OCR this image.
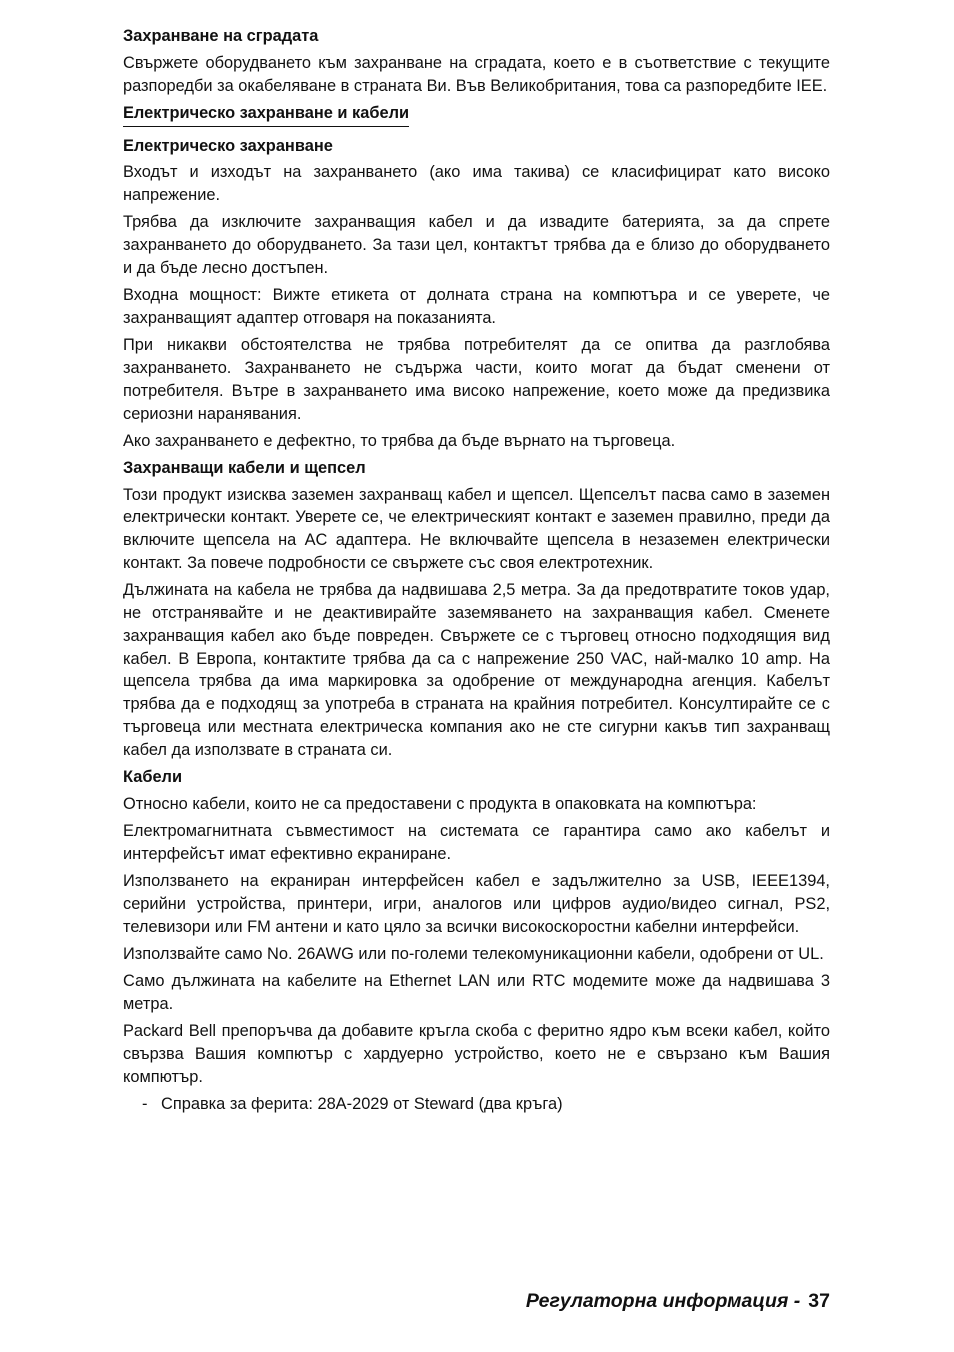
Захранване на сградата

Свържете оборудването към захранване на сградата, което е в съответствие с текущите разпоредби за окабеляване в страната Ви. Във Великобритания, това са разпоредбите IEE.

Електрическо захранване и кабели
Електрическо захранване

Входът и изходът на захранването (ако има такива) се класифицират като високо напрежение.

Трябва да изключите захранващия кабел и да извадите батерията, за да спрете захранването до оборудването. За тази цел, контактът трябва да е близо до оборудването и да бъде лесно достъпен.

Входна мощност: Вижте етикета от долната страна на компютъра и се уверете, че захранващият адаптер отговаря на показанията.

При никакви обстоятелства не трябва потребителят да се опитва да разглобява захранването. Захранването не съдържа части, които могат да бъдат сменени от потребителя. Вътре в захранването има високо напрежение, което може да предизвика сериозни наранявания.

Ако захранването е дефектно, то трябва да бъде върнато на търговеца.

Захранващи кабели и щепсел

Този продукт изисква заземен захранващ кабел и щепсел. Щепселът пасва само в заземен електрически контакт. Уверете се, че електрическият контакт е заземен правилно, преди да включите щепсела на AC адаптера. Не включвайте щепсела в незаземен електрически контакт. За повече подробности се свържете със своя електротехник.

Дължината на кабела не трябва да надвишава 2,5 метра. За да предотвратите токов удар, не отстранявайте и не деактивирайте заземяването на захранващия кабел. Сменете захранващия кабел ако бъде повреден. Свържете се с търговец относно подходящия вид кабел. В Европа, контактите трябва да са с напрежение 250 VAC, най-малко 10 amp. На щепсела трябва да има маркировка за одобрение от международна агенция. Кабелът трябва да е подходящ за употреба в страната на крайния потребител. Консултирайте се с търговеца или местната електрическа компания ако не сте сигурни какъв тип захранващ кабел да използвате в страната си.

Кабели

Относно кабели, които не са предоставени с продукта в опаковката на компютъра:

Електромагнитната съвместимост на системата се гарантира само ако кабелът и интерфейсът имат ефективно екраниране.

Използването на екраниран интерфейсен кабел е задължително за USB, IEEE1394, серийни устройства, принтери, игри, аналогов или цифров аудио/видео сигнал, PS2, телевизори или FM антени и като цяло за всички високоскоростни кабелни интерфейси.

Използвайте само No. 26AWG или по-големи телекомуникационни кабели, одобрени от UL.

Само дължината на кабелите на Ethernet LAN или RTC модемите може да надвишава 3 метра.

Packard Bell препоръчва да добавите кръгла скоба с феритно ядро към всеки кабел, който свързва Вашия компютър с хардуерно устройство, което не е свързано към Вашия компютър.

- Справка за ферита: 28A-2029 от Steward (два кръга)
Регулаторна информация - 37
